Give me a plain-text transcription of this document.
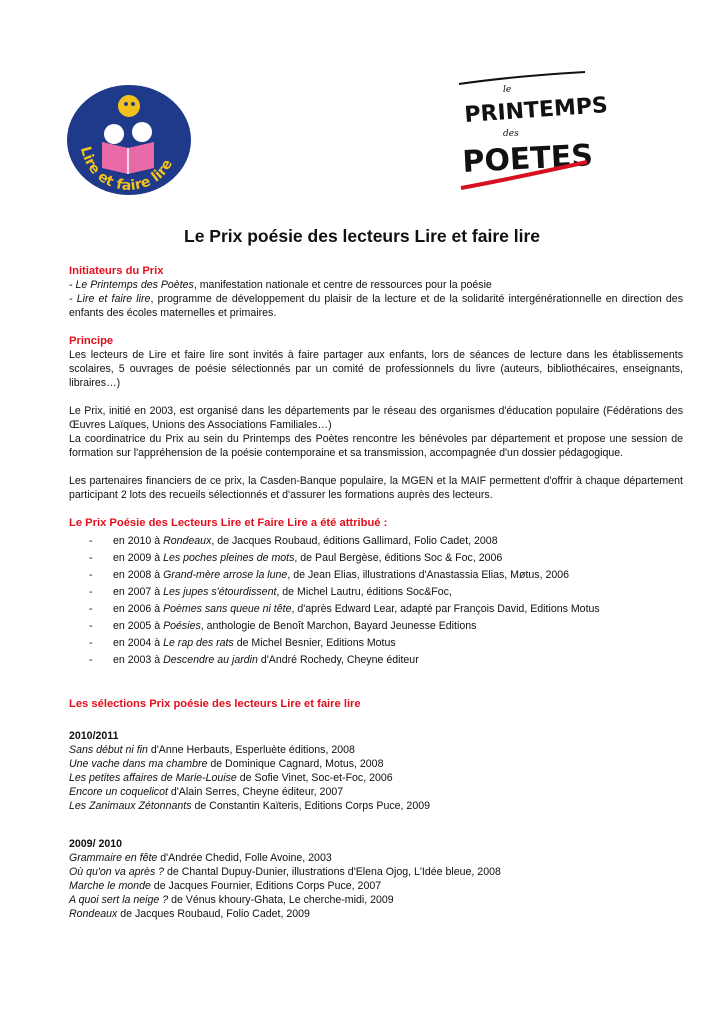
Lire et faire lire
le
PRINTEMPS
des
POETES
Le Prix poésie des lecteurs Lire et faire lire

Initiateurs du Prix

- Le Printemps des Poètes, manifestation nationale et centre de ressources pour la poésie

- Lire et faire lire, programme de développement du plaisir de la lecture et de la solidarité intergénérationnelle en direction des enfants des écoles maternelles et primaires.

Principe

Les lecteurs de Lire et faire lire sont invités à faire partager aux enfants, lors de séances de lecture dans les établissements scolaires, 5 ouvrages de poésie sélectionnés par un comité de professionnels du livre (auteurs, bibliothécaires, enseignants, libraires…)

Le Prix, initié en 2003, est organisé dans les départements par le réseau des organismes d'éducation populaire (Fédérations des Œuvres Laïques, Unions des Associations Familiales…)

La coordinatrice du Prix au sein du Printemps des Poètes rencontre les bénévoles par département et propose une session de formation sur l'appréhension de la poésie contemporaine et sa transmission, accompagnée d'un dossier pédagogique.

Les partenaires financiers de ce prix, la Casden-Banque populaire, la MGEN et la MAIF permettent d'offrir à chaque département participant 2 lots des recueils sélectionnés et d'assurer les formations auprès des lecteurs.

Le Prix Poésie des Lecteurs Lire et Faire Lire a été attribué :

- en 2010 à Rondeaux, de Jacques Roubaud, éditions Gallimard, Folio Cadet, 2008
- en 2009 à Les poches pleines de mots, de Paul Bergèse, éditions Soc & Foc, 2006
- en 2008 à Grand-mère arrose la lune, de Jean Elias, illustrations d'Anastassia Elias, Møtus, 2006
- en 2007 à Les jupes s'étourdissent, de Michel Lautru, éditions Soc&Foc,
- en 2006 à Poèmes sans queue ni tête, d'après Edward Lear, adapté par François David, Editions Motus
- en 2005 à Poésies, anthologie de Benoît Marchon, Bayard Jeunesse Editions
- en 2004 à Le rap des rats de Michel Besnier, Editions Motus
- en 2003 à Descendre au jardin d'André Rochedy, Cheyne éditeur

Les sélections Prix poésie des lecteurs Lire et faire lire

2010/2011

Sans début ni fin d'Anne Herbauts, Esperluète éditions, 2008

Une vache dans ma chambre de Dominique Cagnard, Motus, 2008

Les petites affaires de Marie-Louise de Sofie Vinet, Soc-et-Foc, 2006

Encore un coquelicot d'Alain Serres, Cheyne éditeur, 2007

Les Zanimaux Zétonnants de Constantin Kaïteris, Editions Corps Puce, 2009

2009/ 2010

Grammaire en fête d'Andrée Chedid, Folle Avoine, 2003

Où qu'on va après ? de Chantal Dupuy-Dunier, illustrations d'Elena Ojog, L'Idée bleue, 2008

Marche le monde de Jacques Fournier, Editions Corps Puce, 2007

A quoi sert la neige ? de Vénus khoury-Ghata, Le cherche-midi, 2009

Rondeaux de Jacques Roubaud, Folio Cadet, 2009
